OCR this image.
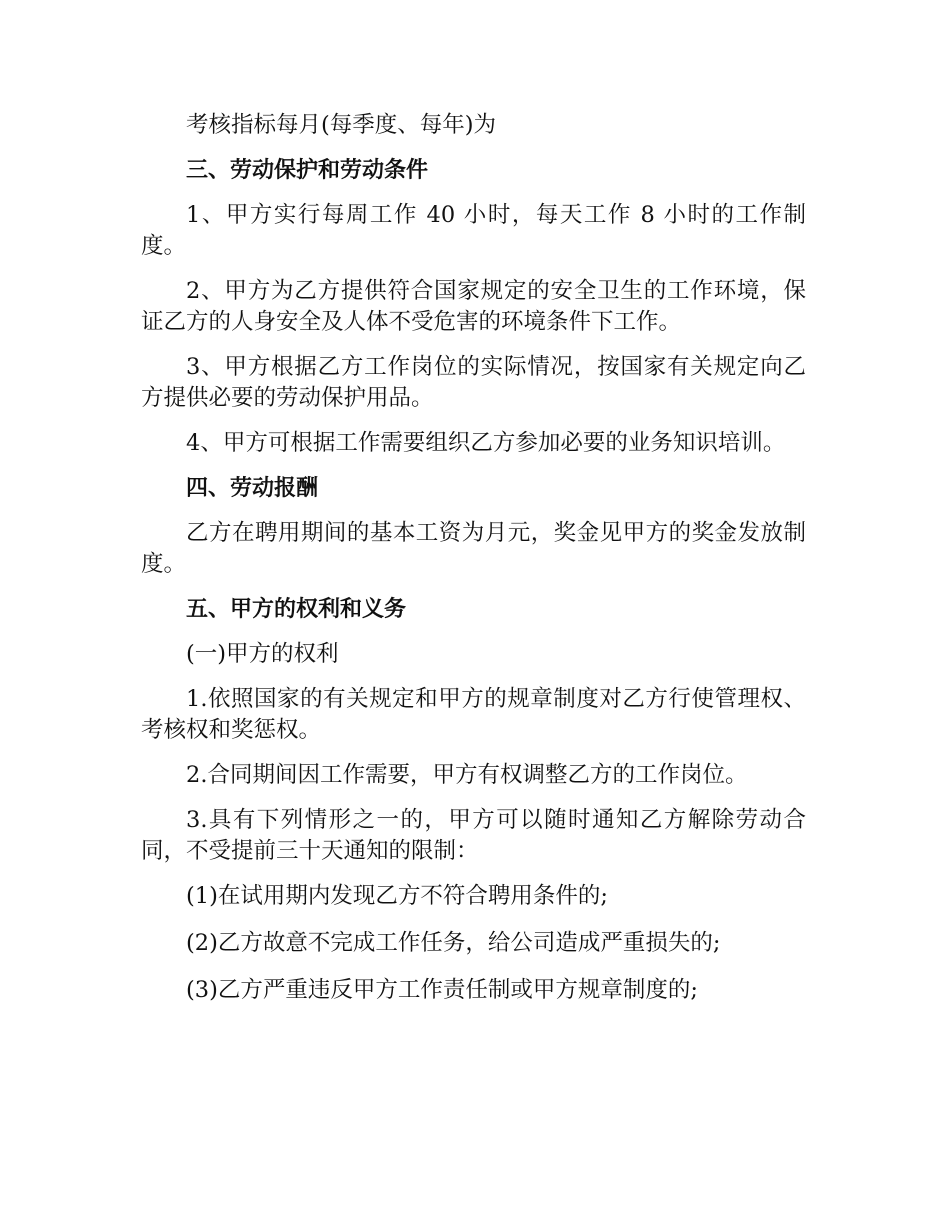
考核指标每月(每季度、每年)为

三、劳动保护和劳动条件

1、甲方实行每周工作 40 小时，每天工作 8 小时的工作制度。

2、甲方为乙方提供符合国家规定的安全卫生的工作环境，保证乙方的人身安全及人体不受危害的环境条件下工作。

3、甲方根据乙方工作岗位的实际情况，按国家有关规定向乙方提供必要的劳动保护用品。

4、甲方可根据工作需要组织乙方参加必要的业务知识培训。

四、劳动报酬

乙方在聘用期间的基本工资为月元，奖金见甲方的奖金发放制度。

五、甲方的权利和义务

(一)甲方的权利

1.依照国家的有关规定和甲方的规章制度对乙方行使管理权、考核权和奖惩权。

2.合同期间因工作需要，甲方有权调整乙方的工作岗位。

3.具有下列情形之一的，甲方可以随时通知乙方解除劳动合同，不受提前三十天通知的限制：

(1)在试用期内发现乙方不符合聘用条件的;

(2)乙方故意不完成工作任务，给公司造成严重损失的;

(3)乙方严重违反甲方工作责任制或甲方规章制度的;
